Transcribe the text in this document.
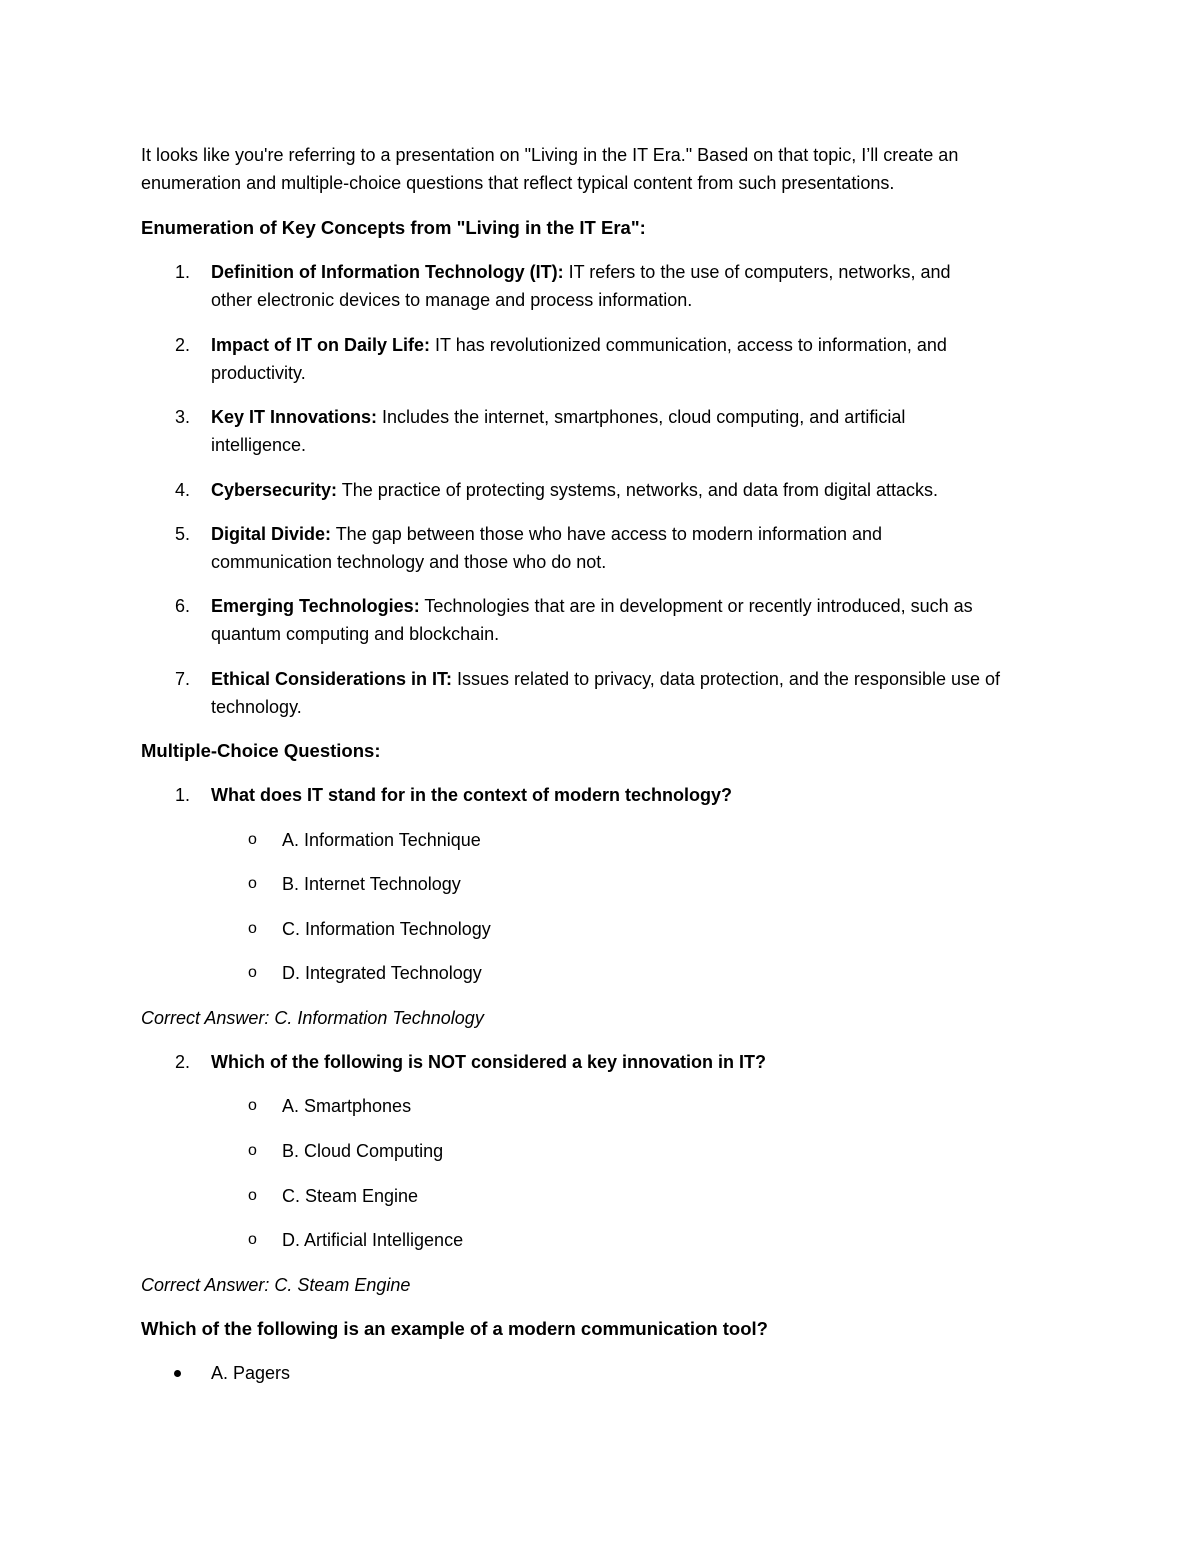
It looks like you're referring to a presentation on "Living in the IT Era." Based on that topic, I’ll create an

enumeration and multiple-choice questions that reflect typical content from such presentations.

Enumeration of Key Concepts from "Living in the IT Era":

1. Definition of Information Technology (IT): IT refers to the use of computers, networks, and
other electronic devices to manage and process information.
2. Impact of IT on Daily Life: IT has revolutionized communication, access to information, and
productivity.
3. Key IT Innovations: Includes the internet, smartphones, cloud computing, and artificial
intelligence.
4. Cybersecurity: The practice of protecting systems, networks, and data from digital attacks.
5. Digital Divide: The gap between those who have access to modern information and
communication technology and those who do not.
6. Emerging Technologies: Technologies that are in development or recently introduced, such as
quantum computing and blockchain.
7. Ethical Considerations in IT: Issues related to privacy, data protection, and the responsible use of
technology.

Multiple-Choice Questions:

1. What does IT stand for in the context of modern technology?
o A. Information Technique
o B. Internet Technology
o C. Information Technology
o D. Integrated Technology
Correct Answer: C. Information Technology
2. Which of the following is NOT considered a key innovation in IT?
o A. Smartphones
o B. Cloud Computing
o C. Steam Engine
o D. Artificial Intelligence
Correct Answer: C. Steam Engine

Which of the following is an example of a modern communication tool?

A. Pagers
